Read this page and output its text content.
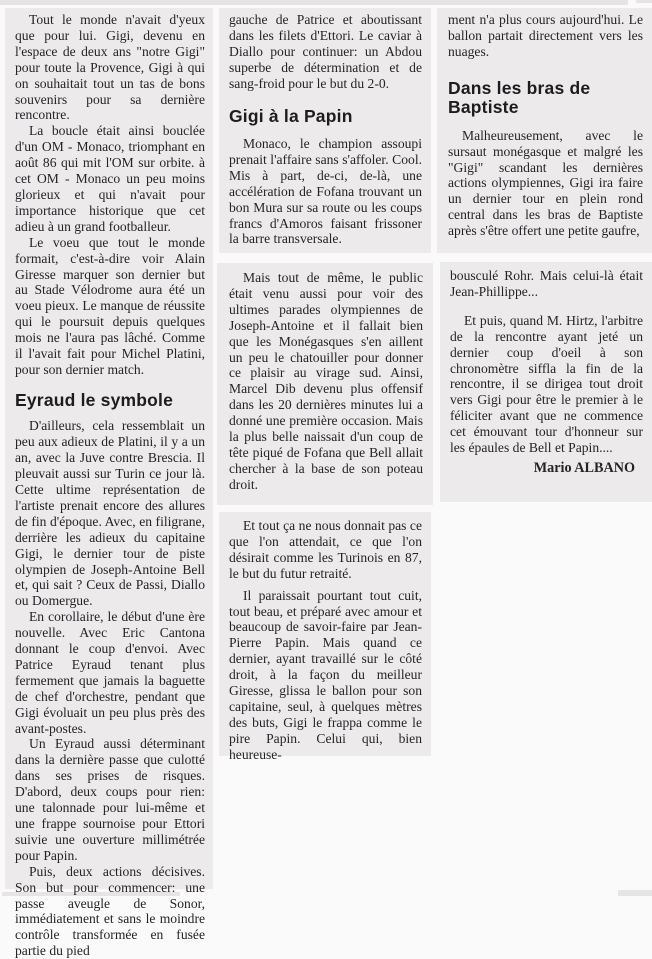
Tout le monde n'avait d'yeux que pour lui. Gigi, devenu en l'espace de deux ans "notre Gigi" pour toute la Provence, Gigi à qui on souhaitait tout un tas de bons souvenirs pour sa dernière rencontre.

La boucle était ainsi bouclée d'un OM - Monaco, triomphant en août 86 qui mit l'OM sur orbite. à cet OM - Monaco un peu moins glorieux et qui n'avait pour importance historique que cet adieu à un grand footballeur.

Le voeu que tout le monde formait, c'est-à-dire voir Alain Giresse marquer son dernier but au Stade Vélodrome aura été un voeu pieux. Le manque de réussite qui le poursuit depuis quelques mois ne l'aura pas lâché. Comme il l'avait fait pour Michel Platini, pour son dernier match.

Eyraud le symbole

D'ailleurs, cela ressemblait un peu aux adieux de Platini, il y a un an, avec la Juve contre Brescia. Il pleuvait aussi sur Turin ce jour là. Cette ultime représentation de l'artiste prenait encore des allures de fin d'époque. Avec, en filigrane, derrière les adieux du capitaine Gigi, le dernier tour de piste olympien de Joseph-Antoine Bell et, qui sait ? Ceux de Passi, Diallo ou Domergue.

En corollaire, le début d'une ère nouvelle. Avec Eric Cantona donnant le coup d'envoi. Avec Patrice Eyraud tenant plus fermement que jamais la baguette de chef d'orchestre, pendant que Gigi évoluait un peu plus près des avant-postes.

Un Eyraud aussi déterminant dans la dernière passe que culotté dans ses prises de risques. D'abord, deux coups pour rien: une talonnade pour lui-même et une frappe sournoise pour Ettori suivie une ouverture millimétrée pour Papin.

Puis, deux actions décisives. Son but pour commencer: une passe aveugle de Sonor, immédiatement et sans le moindre contrôle transformée en fusée partie du pied

gauche de Patrice et aboutissant dans les filets d'Ettori. Le caviar à Diallo pour continuer: un Abdou superbe de détermination et de sang-froid pour le but du 2-0.

Gigi à la Papin

Monaco, le champion assoupi prenait l'affaire sans s'affoler. Cool. Mis à part, de-ci, de-là, une accélération de Fofana trouvant un bon Mura sur sa route ou les coups francs d'Amoros faisant frissoner la barre transversale.

Mais tout de même, le public était venu aussi pour voir des ultimes parades olympiennes de Joseph-Antoine et il fallait bien que les Monégasques s'en aillent un peu le chatouiller pour donner ce plaisir au virage sud. Ainsi, Marcel Dib devenu plus offensif dans les 20 dernières minutes lui a donné une première occasion. Mais la plus belle naissait d'un coup de tête piqué de Fofana que Bell allait chercher à la base de son poteau droit.

Et tout ça ne nous donnait pas ce que l'on attendait, ce que l'on désirait comme les Turinois en 87, le but du futur retraité.

Il paraissait pourtant tout cuit, tout beau, et préparé avec amour et beaucoup de savoir-faire par Jean-Pierre Papin. Mais quand ce dernier, ayant travaillé sur le côté droit, à la façon du meilleur Giresse, glissa le ballon pour son capitaine, seul, à quelques mètres des buts, Gigi le frappa comme le pire Papin. Celui qui, bien heureuse-

ment n'a plus cours aujourd'hui. Le ballon partait directement vers les nuages.

Dans les bras de Baptiste

Malheureusement, avec le sursaut monégasque et malgré les "Gigi" scandant les dernières actions olympiennes, Gigi ira faire un dernier tour en plein rond central dans les bras de Baptiste après s'être offert une petite gaufre,

bousculé Rohr. Mais celui-là était Jean-Phillippe...

Et puis, quand M. Hirtz, l'arbitre de la rencontre ayant jeté un dernier coup d'oeil à son chronomètre siffla la fin de la rencontre, il se dirigea tout droit vers Gigi pour être le premier à le féliciter avant que ne commence cet émouvant tour d'honneur sur les épaules de Bell et Papin....

Mario ALBANO
